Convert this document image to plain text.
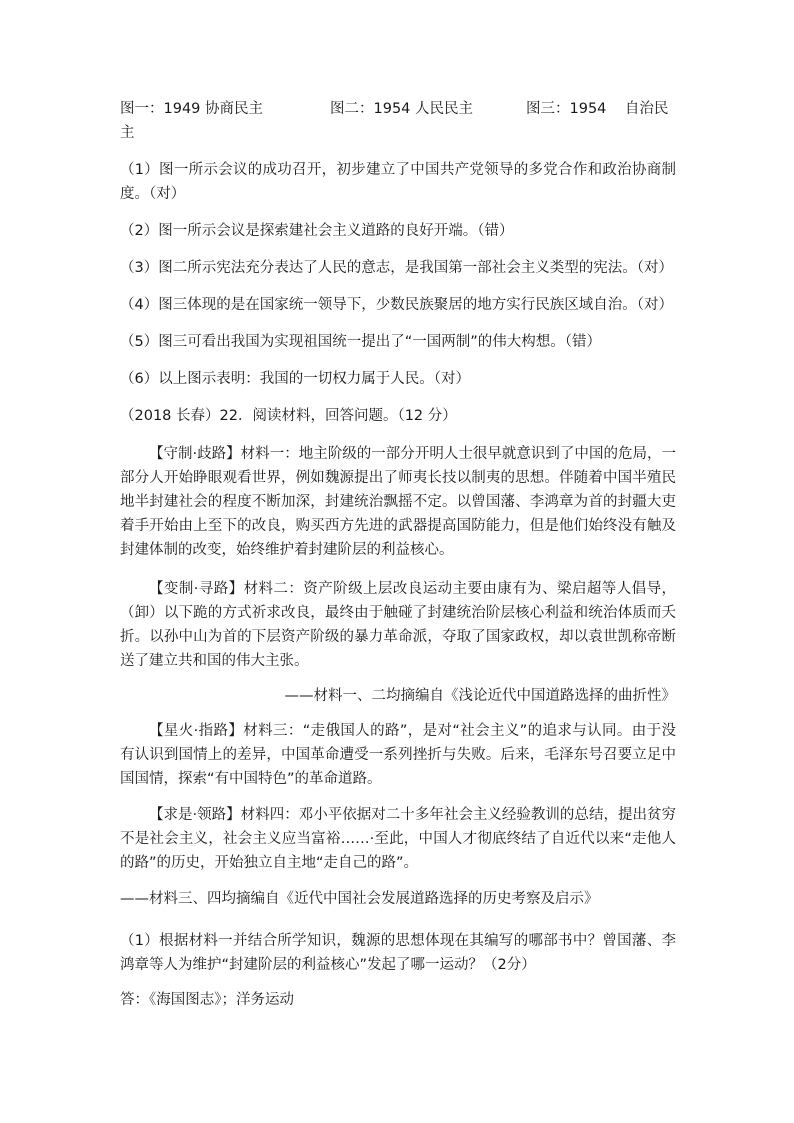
图一：1949 协商民主	图二：1954 人民民主	图三：1954    自治民
主

（1）图一所示会议的成功召开，初步建立了中国共产党领导的多党合作和政治协商制度。（对）

（2）图一所示会议是探索建社会主义道路的良好开端。（错）

（3）图二所示宪法充分表达了人民的意志，是我国第一部社会主义类型的宪法。（对）

（4）图三体现的是在国家统一领导下，少数民族聚居的地方实行民族区域自治。（对）

（5）图三可看出我国为实现祖国统一提出了“一国两制”的伟大构想。（错）

（6）以上图示表明：我国的一切权力属于人民。（对）

（2018 长春）22．阅读材料，回答问题。（12 分）

【守制·歧路】材料一：地主阶级的一部分开明人士很早就意识到了中国的危局，一部分人开始睁眼观看世界，例如魏源提出了师夷长技以制夷的思想。伴随着中国半殖民地半封建社会的程度不断加深，封建统治飘摇不定。以曾国藩、李鸿章为首的封疆大吏着手开始由上至下的改良，购买西方先进的武器提高国防能力，但是他们始终没有触及封建体制的改变，始终维护着封建阶层的利益核心。

【变制·寻路】材料二：资产阶级上层改良运动主要由康有为、梁启超等人倡导，（卸）以下跪的方式祈求改良，最终由于触碰了封建统治阶层核心利益和统治体质而夭折。以孙中山为首的下层资产阶级的暴力革命派，夺取了国家政权，却以袁世凯称帝断送了建立共和国的伟大主张。

——材料一、二均摘编自《浅论近代中国道路选择的曲折性》

【星火·指路】材料三：“走俄国人的路”，是对“社会主义”的追求与认同。由于没有认识到国情上的差异，中国革命遭受一系列挫折与失败。后来，毛泽东号召要立足中国国情，探索“有中国特色”的革命道路。

【求是·领路】材料四：邓小平依据对二十多年社会主义经验教训的总结，提出贫穷不是社会主义，社会主义应当富裕……·至此，中国人才彻底终结了自近代以来“走他人的路”的历史，开始独立自主地“走自己的路”。

——材料三、四均摘编自《近代中国社会发展道路选择的历史考察及启示》

（1）根据材料一并结合所学知识，魏源的思想体现在其编写的哪部书中？曾国藩、李鸿章等人为维护“封建阶层的利益核心”发起了哪一运动？（2分）

答：《海国图志》；洋务运动
